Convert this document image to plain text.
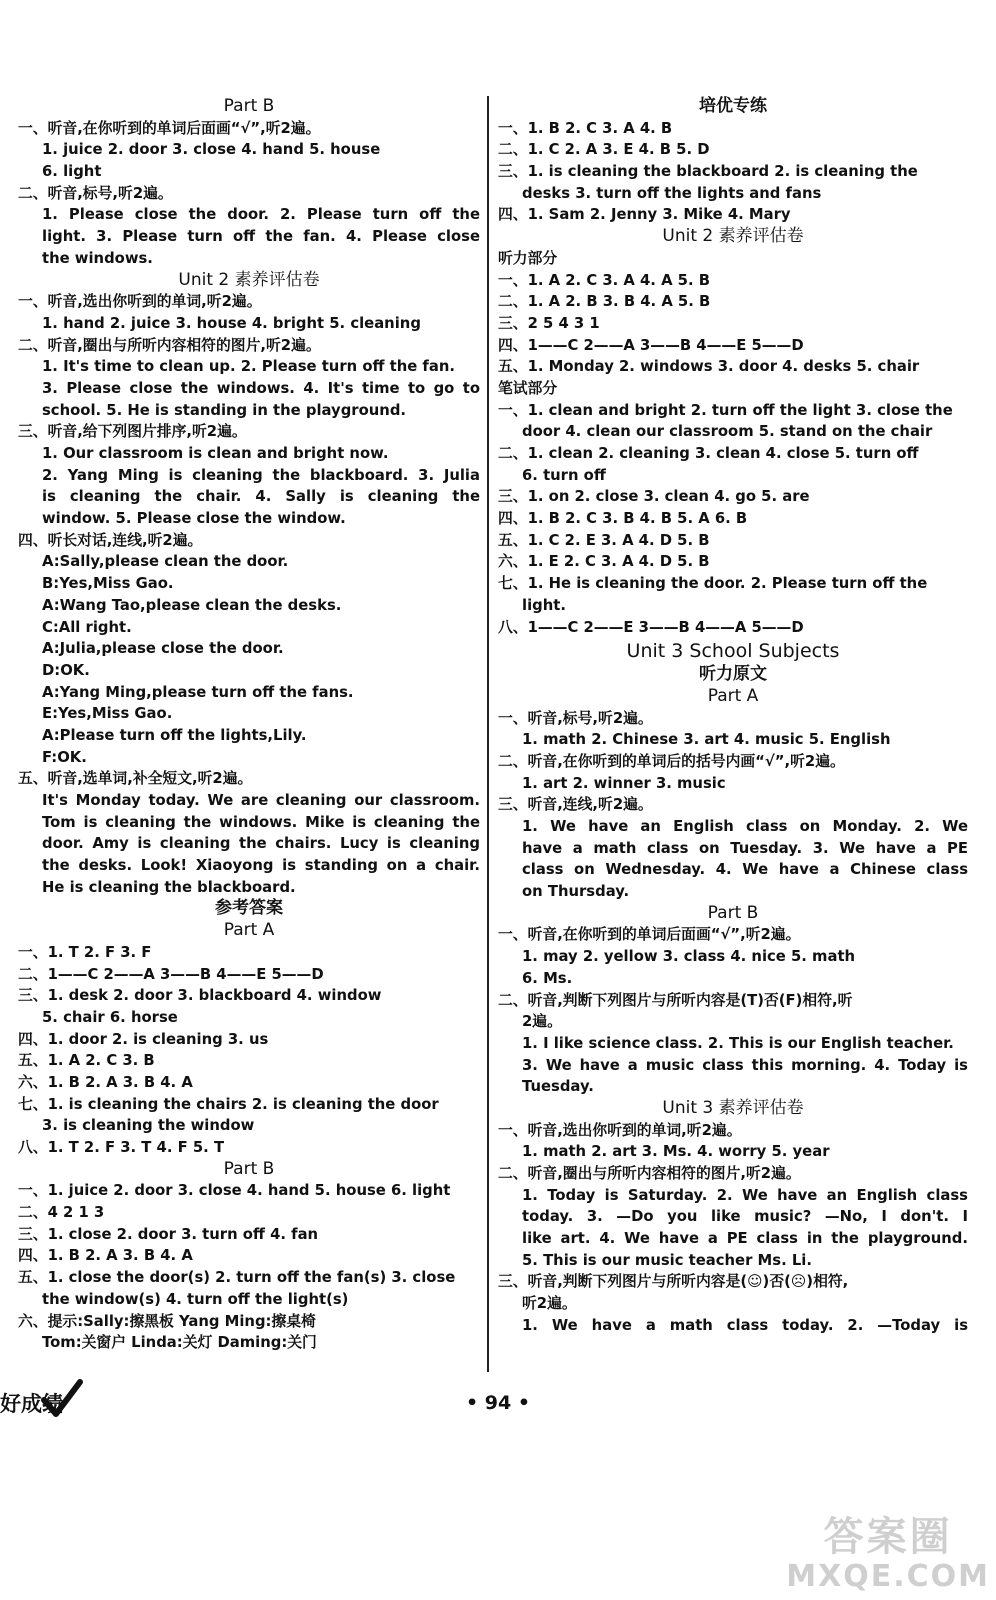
Part B
一、听音,在你听到的单词后面画“√”,听2遍。
1. juice 2. door 3. close 4. hand 5. house
6. light
二、听音,标号,听2遍。
1. Please close the door. 2. Please turn off the
light. 3. Please turn off the fan. 4. Please close
the windows.
Unit 2 素养评估卷
一、听音,选出你听到的单词,听2遍。
1. hand 2. juice 3. house 4. bright 5. cleaning
二、听音,圈出与所听内容相符的图片,听2遍。
1. It's time to clean up. 2. Please turn off the fan.
3. Please close the windows. 4. It's time to go to
school. 5. He is standing in the playground.
三、听音,给下列图片排序,听2遍。
1. Our classroom is clean and bright now.
2. Yang Ming is cleaning the blackboard. 3. Julia
is cleaning the chair. 4. Sally is cleaning the
window. 5. Please close the window.
四、听长对话,连线,听2遍。
A:Sally,please clean the door.
B:Yes,Miss Gao.
A:Wang Tao,please clean the desks.
C:All right.
A:Julia,please close the door.
D:OK.
A:Yang Ming,please turn off the fans.
E:Yes,Miss Gao.
A:Please turn off the lights,Lily.
F:OK.
五、听音,选单词,补全短文,听2遍。
It's Monday today. We are cleaning our classroom.
Tom is cleaning the windows. Mike is cleaning the
door. Amy is cleaning the chairs. Lucy is cleaning
the desks. Look! Xiaoyong is standing on a chair.
He is cleaning the blackboard.
参考答案
Part A
一、1. T 2. F 3. F
二、1——C 2——A 3——B 4——E 5——D
三、1. desk 2. door 3. blackboard 4. window
5. chair 6. horse
四、1. door 2. is cleaning 3. us
五、1. A 2. C 3. B
六、1. B 2. A 3. B 4. A
七、1. is cleaning the chairs 2. is cleaning the door
3. is cleaning the window
八、1. T 2. F 3. T 4. F 5. T
Part B
一、1. juice 2. door 3. close 4. hand 5. house 6. light
二、4 2 1 3
三、1. close 2. door 3. turn off 4. fan
四、1. B 2. A 3. B 4. A
五、1. close the door(s) 2. turn off the fan(s) 3. close
the window(s) 4. turn off the light(s)
六、提示:Sally:擦黑板 Yang Ming:擦桌椅
Tom:关窗户 Linda:关灯 Daming:关门
培优专练
一、1. B 2. C 3. A 4. B
二、1. C 2. A 3. E 4. B 5. D
三、1. is cleaning the blackboard 2. is cleaning the
desks 3. turn off the lights and fans
四、1. Sam 2. Jenny 3. Mike 4. Mary
Unit 2 素养评估卷
听力部分
一、1. A 2. C 3. A 4. A 5. B
二、1. A 2. B 3. B 4. A 5. B
三、2 5 4 3 1
四、1——C 2——A 3——B 4——E 5——D
五、1. Monday 2. windows 3. door 4. desks 5. chair
笔试部分
一、1. clean and bright 2. turn off the light 3. close the
door 4. clean our classroom 5. stand on the chair
二、1. clean 2. cleaning 3. clean 4. close 5. turn off
6. turn off
三、1. on 2. close 3. clean 4. go 5. are
四、1. B 2. C 3. B 4. B 5. A 6. B
五、1. C 2. E 3. A 4. D 5. B
六、1. E 2. C 3. A 4. D 5. B
七、1. He is cleaning the door. 2. Please turn off the
light.
八、1——C 2——E 3——B 4——A 5——D
Unit 3 School Subjects
听力原文
Part A
一、听音,标号,听2遍。
1. math 2. Chinese 3. art 4. music 5. English
二、听音,在你听到的单词后的括号内画“√”,听2遍。
1. art 2. winner 3. music
三、听音,连线,听2遍。
1. We have an English class on Monday. 2. We
have a math class on Tuesday. 3. We have a PE
class on Wednesday. 4. We have a Chinese class
on Thursday.
Part B
一、听音,在你听到的单词后面画“√”,听2遍。
1. may 2. yellow 3. class 4. nice 5. math
6. Ms.
二、听音,判断下列图片与所听内容是(T)否(F)相符,听
2遍。
1. I like science class. 2. This is our English teacher.
3. We have a music class this morning. 4. Today is
Tuesday.
Unit 3 素养评估卷
一、听音,选出你听到的单词,听2遍。
1. math 2. art 3. Ms. 4. worry 5. year
二、听音,圈出与所听内容相符的图片,听2遍。
1. Today is Saturday. 2. We have an English class
today. 3. —Do you like music? —No, I don't. I
like art. 4. We have a PE class in the playground.
5. This is our music teacher Ms. Li.
三、听音,判断下列图片与所听内容是(☺)否(☹)相符,
听2遍。
1. We have a math class today. 2. —Today is
好成绩	• 94 •
答案圈
MXQE.COM
